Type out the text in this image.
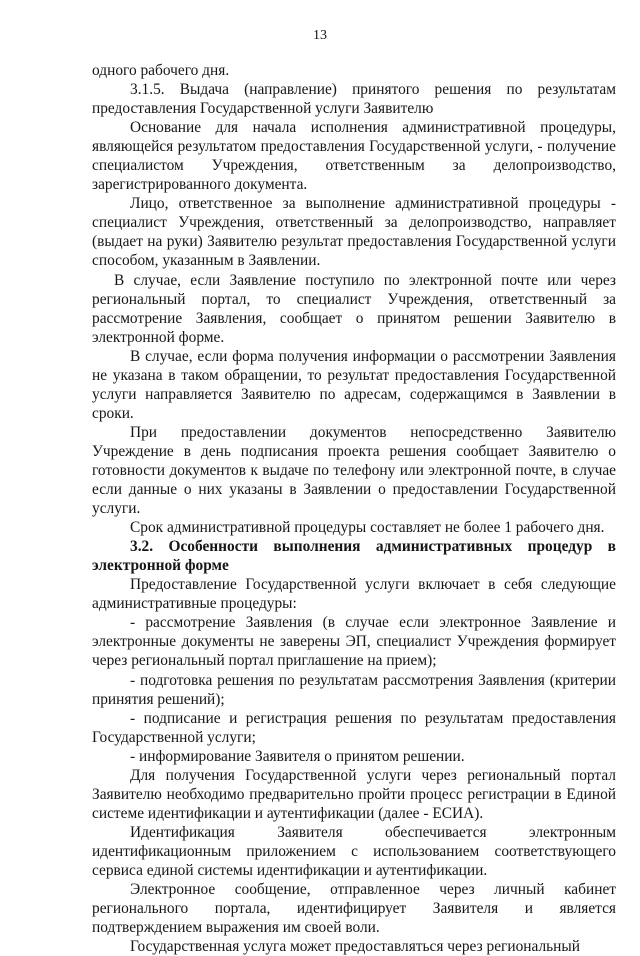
13

одного рабочего дня.

3.1.5. Выдача (направление) принятого решения по результатам предоставления Государственной услуги Заявителю

Основание для начала исполнения административной процедуры, являющейся результатом предоставления Государственной услуги, - получение специалистом Учреждения, ответственным за делопроизводство, зарегистрированного документа.

Лицо, ответственное за выполнение административной процедуры - специалист Учреждения, ответственный за делопроизводство, направляет (выдает на руки) Заявителю результат предоставления Государственной услуги способом, указанным в Заявлении.

В случае, если Заявление поступило по электронной почте или через региональный портал, то специалист Учреждения, ответственный за рассмотрение Заявления, сообщает о принятом решении Заявителю в электронной форме.

В случае, если форма получения информации о рассмотрении Заявления не указана в таком обращении, то результат предоставления Государственной услуги направляется Заявителю по адресам, содержащимся в Заявлении в сроки.

При предоставлении документов непосредственно Заявителю Учреждение в день подписания проекта решения сообщает Заявителю о готовности документов к выдаче по телефону или электронной почте, в случае если данные о них указаны в Заявлении о предоставлении Государственной услуги.

Срок административной процедуры составляет не более 1 рабочего дня.

3.2. Особенности выполнения административных процедур в электронной форме

Предоставление Государственной услуги включает в себя следующие административные процедуры:

- рассмотрение Заявления (в случае если электронное Заявление и электронные документы не заверены ЭП, специалист Учреждения формирует через региональный портал приглашение на прием);

- подготовка решения по результатам рассмотрения Заявления (критерии принятия решений);

- подписание и регистрация решения по результатам предоставления Государственной услуги;

- информирование Заявителя о принятом решении.

Для получения Государственной услуги через региональный портал Заявителю необходимо предварительно пройти процесс регистрации в Единой системе идентификации и аутентификации (далее - ЕСИА).

Идентификация Заявителя обеспечивается электронным идентификационным приложением с использованием соответствующего сервиса единой системы идентификации и аутентификации.

Электронное сообщение, отправленное через личный кабинет регионального портала, идентифицирует Заявителя и является подтверждением выражения им своей воли.

Государственная услуга может предоставляться через региональный
